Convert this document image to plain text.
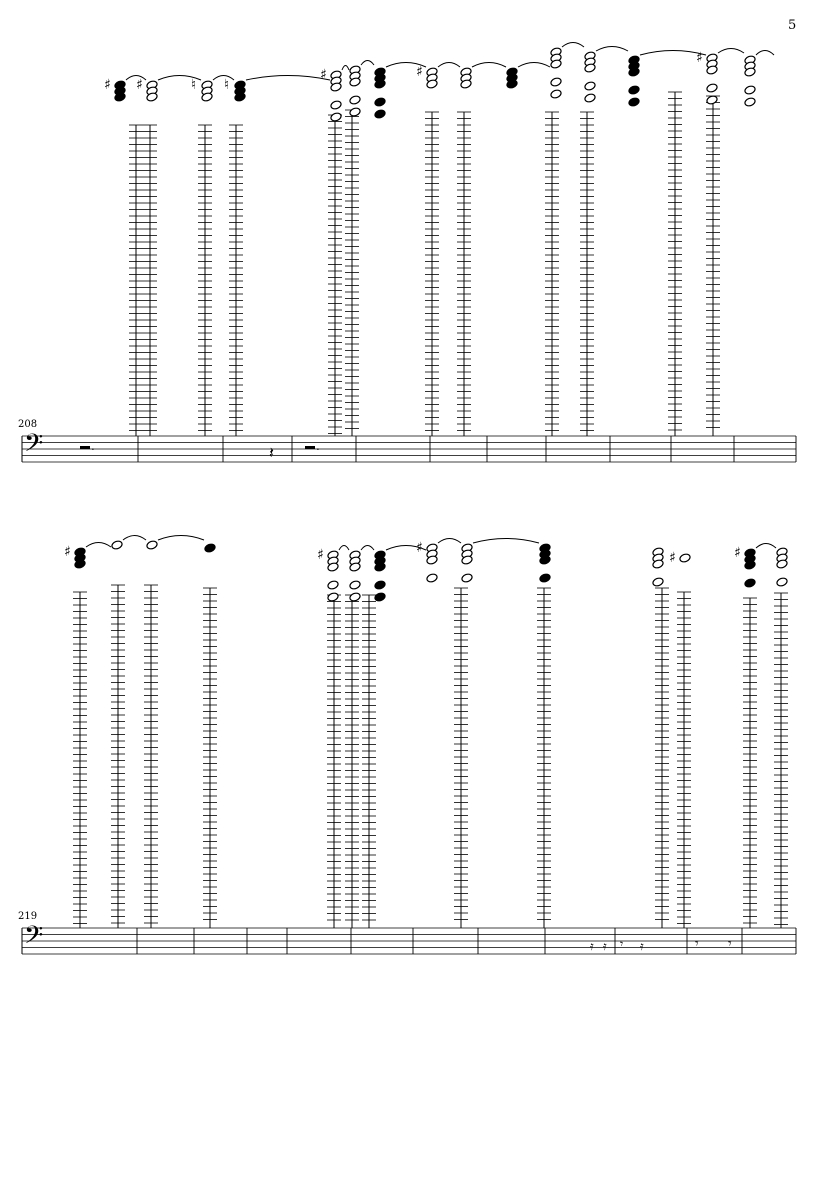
5
208
219
𝄢
♯ ♯	♮ ♮
♯	♯
♯
𝄢
♯	♯	♯
♯	♯
.	.
𝄽
𝄾 𝄾
𝄾
𝄿 𝄿	𝄿
